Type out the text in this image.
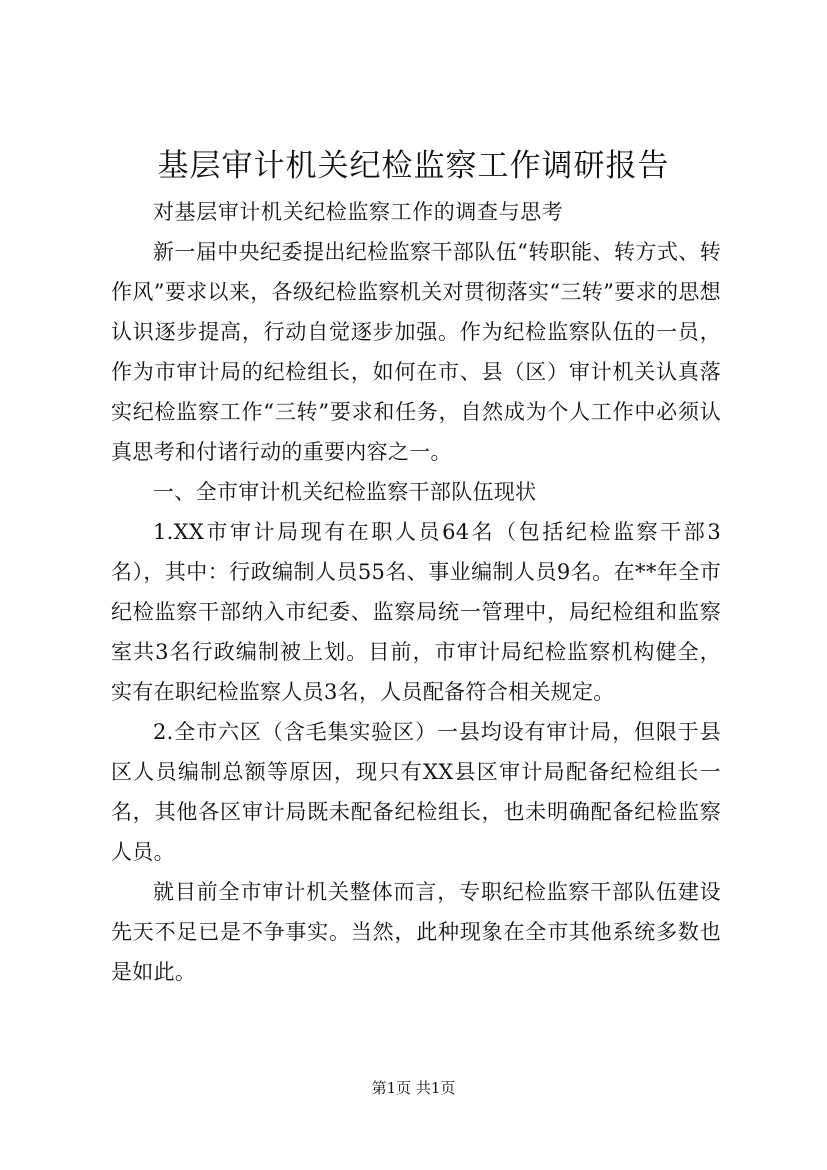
基层审计机关纪检监察工作调研报告

对基层审计机关纪检监察工作的调查与思考

新一届中央纪委提出纪检监察干部队伍“转职能、转方式、转作风”要求以来，各级纪检监察机关对贯彻落实“三转”要求的思想认识逐步提高，行动自觉逐步加强。作为纪检监察队伍的一员，作为市审计局的纪检组长，如何在市、县（区）审计机关认真落实纪检监察工作“三转”要求和任务，自然成为个人工作中必须认真思考和付诸行动的重要内容之一。

一、全市审计机关纪检监察干部队伍现状

1.XX市审计局现有在职人员64名（包括纪检监察干部3名），其中：行政编制人员55名、事业编制人员9名。在**年全市纪检监察干部纳入市纪委、监察局统一管理中，局纪检组和监察室共3名行政编制被上划。目前，市审计局纪检监察机构健全，实有在职纪检监察人员3名，人员配备符合相关规定。

2.全市六区（含毛集实验区）一县均设有审计局，但限于县区人员编制总额等原因，现只有XX县区审计局配备纪检组长一名，其他各区审计局既未配备纪检组长，也未明确配备纪检监察人员。

就目前全市审计机关整体而言，专职纪检监察干部队伍建设先天不足已是不争事实。当然，此种现象在全市其他系统多数也是如此。

第1页 共1页
